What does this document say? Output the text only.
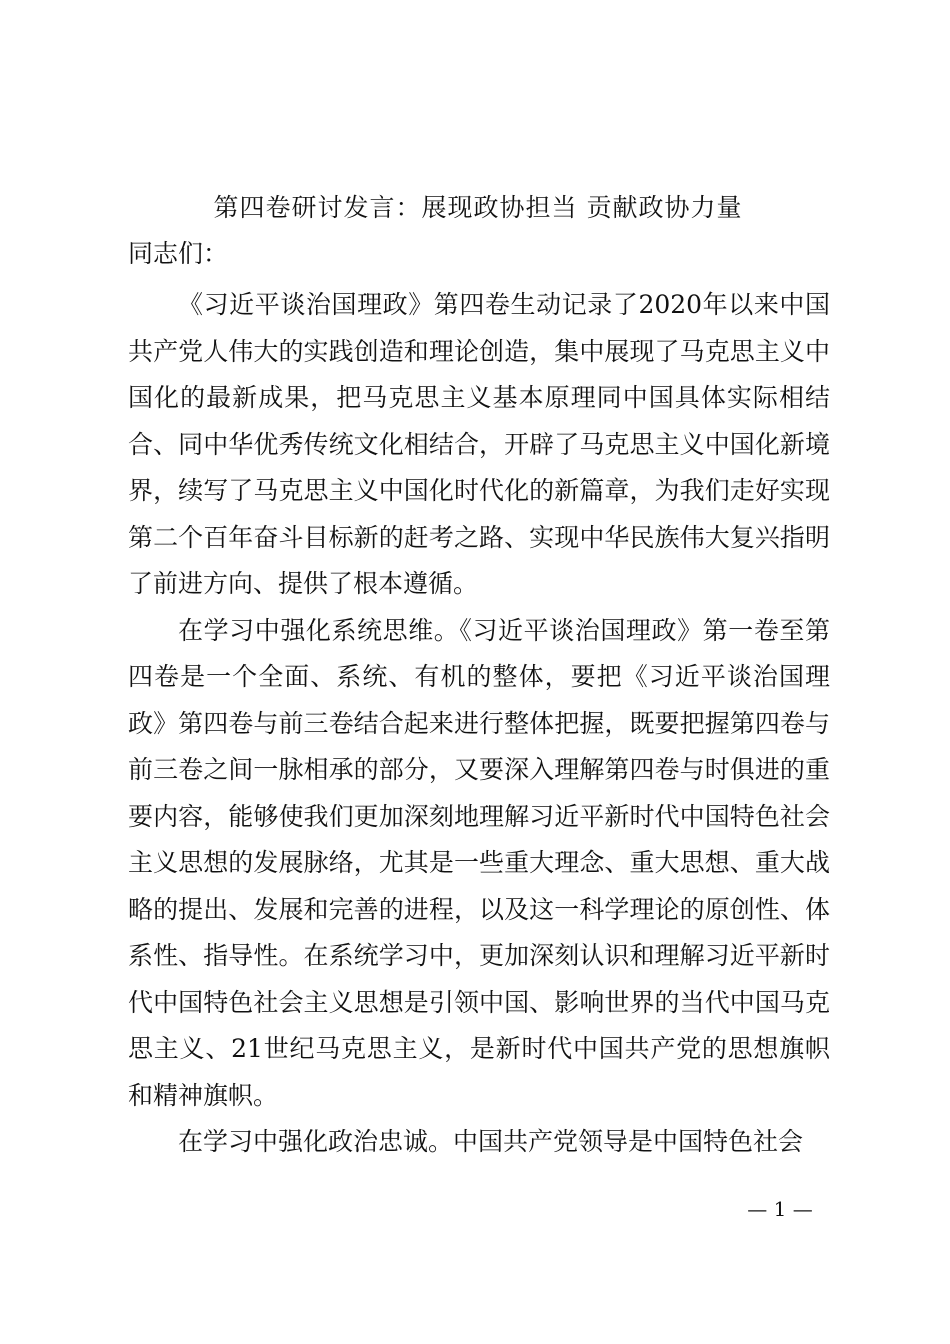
第四卷研讨发言：展现政协担当 贡献政协力量
同志们：

《习近平谈治国理政》第四卷生动记录了2020年以来中国共产党人伟大的实践创造和理论创造，集中展现了马克思主义中国化的最新成果，把马克思主义基本原理同中国具体实际相结合、同中华优秀传统文化相结合，开辟了马克思主义中国化新境界，续写了马克思主义中国化时代化的新篇章，为我们走好实现第二个百年奋斗目标新的赶考之路、实现中华民族伟大复兴指明了前进方向、提供了根本遵循。

在学习中强化系统思维。《习近平谈治国理政》第一卷至第四卷是一个全面、系统、有机的整体，要把《习近平谈治国理政》第四卷与前三卷结合起来进行整体把握，既要把握第四卷与前三卷之间一脉相承的部分，又要深入理解第四卷与时俱进的重要内容，能够使我们更加深刻地理解习近平新时代中国特色社会主义思想的发展脉络，尤其是一些重大理念、重大思想、重大战略的提出、发展和完善的进程，以及这一科学理论的原创性、体系性、指导性。在系统学习中，更加深刻认识和理解习近平新时代中国特色社会主义思想是引领中国、影响世界的当代中国马克思主义、21世纪马克思主义，是新时代中国共产党的思想旗帜和精神旗帜。

在学习中强化政治忠诚。中国共产党领导是中国特色社会

— 1 —
